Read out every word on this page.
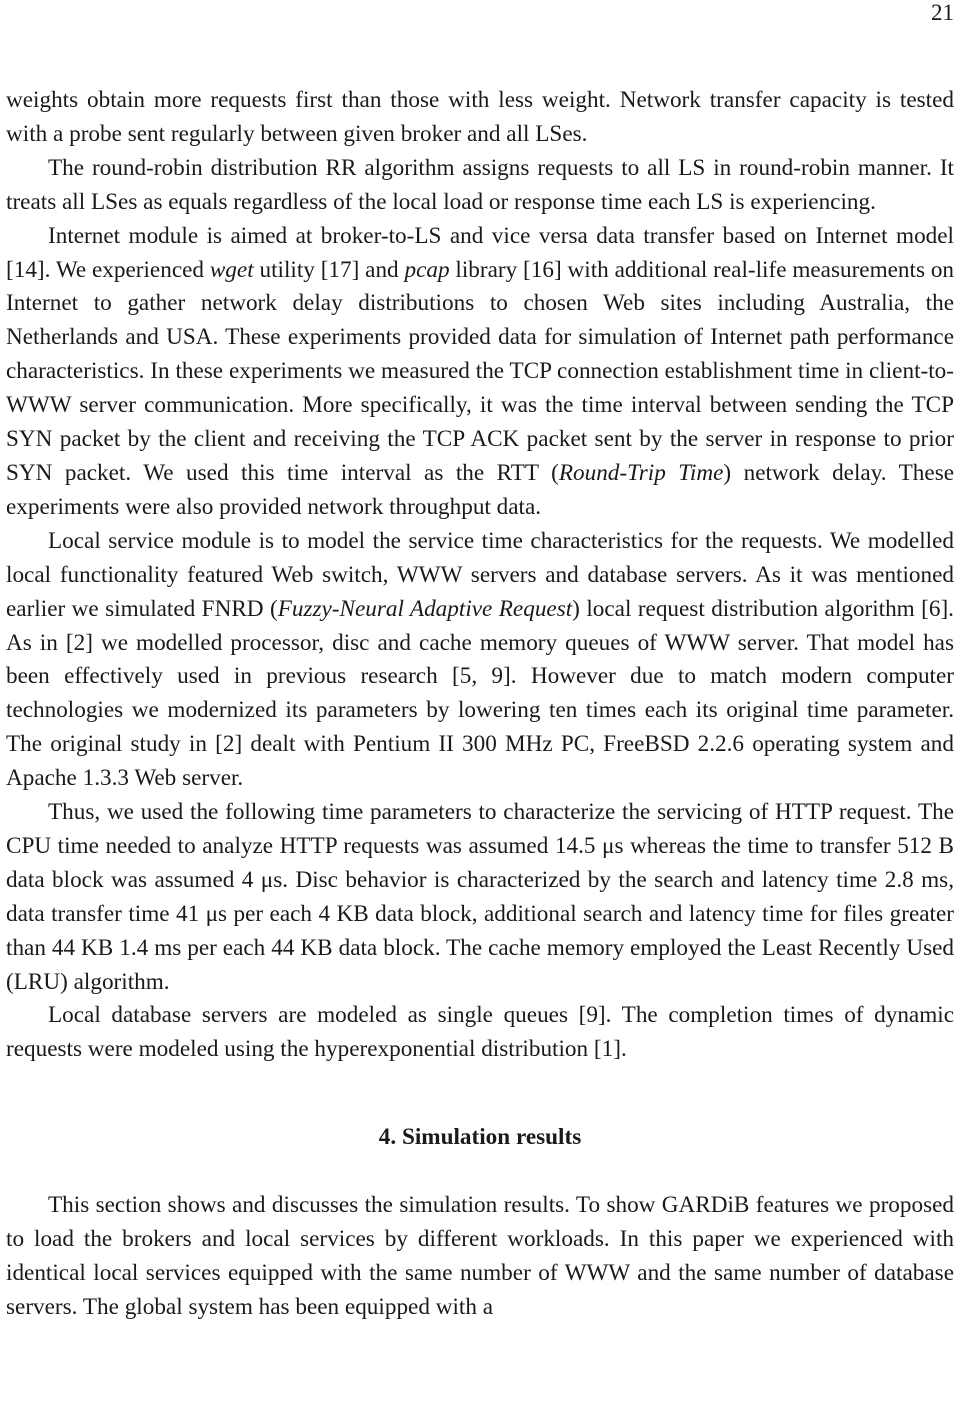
21

weights obtain more requests first than those with less weight. Network transfer capacity is tested with a probe sent regularly between given broker and all LSes.

The round-robin distribution RR algorithm assigns requests to all LS in round-robin manner. It treats all LSes as equals regardless of the local load or response time each LS is experiencing.

Internet module is aimed at broker-to-LS and vice versa data transfer based on Internet model [14]. We experienced wget utility [17] and pcap library [16] with additional real-life measurements on Internet to gather network delay distributions to chosen Web sites including Australia, the Netherlands and USA. These experiments provided data for simulation of Internet path performance characteristics. In these experiments we measured the TCP connection establishment time in client-to-WWW server communication. More specifically, it was the time interval between sending the TCP SYN packet by the client and receiving the TCP ACK packet sent by the server in response to prior SYN packet. We used this time interval as the RTT (Round-Trip Time) network delay. These experiments were also provided network throughput data.

Local service module is to model the service time characteristics for the requests. We modelled local functionality featured Web switch, WWW servers and database servers. As it was mentioned earlier we simulated FNRD (Fuzzy-Neural Adaptive Request) local request distribution algorithm [6]. As in [2] we modelled processor, disc and cache memory queues of WWW server. That model has been effectively used in previous research [5, 9]. However due to match modern computer technologies we modernized its parameters by lowering ten times each its original time parameter. The original study in [2] dealt with Pentium II 300 MHz PC, FreeBSD 2.2.6 operating system and Apache 1.3.3 Web server.

Thus, we used the following time parameters to characterize the servicing of HTTP request. The CPU time needed to analyze HTTP requests was assumed 14.5 μs whereas the time to transfer 512 B data block was assumed 4 μs. Disc behavior is characterized by the search and latency time 2.8 ms, data transfer time 41 μs per each 4 KB data block, additional search and latency time for files greater than 44 KB 1.4 ms per each 44 KB data block. The cache memory employed the Least Recently Used (LRU) algorithm.

Local database servers are modeled as single queues [9]. The completion times of dynamic requests were modeled using the hyperexponential distribution [1].

4. Simulation results

This section shows and discusses the simulation results. To show GARDiB features we proposed to load the brokers and local services by different workloads. In this paper we experienced with identical local services equipped with the same number of WWW and the same number of database servers. The global system has been equipped with a
